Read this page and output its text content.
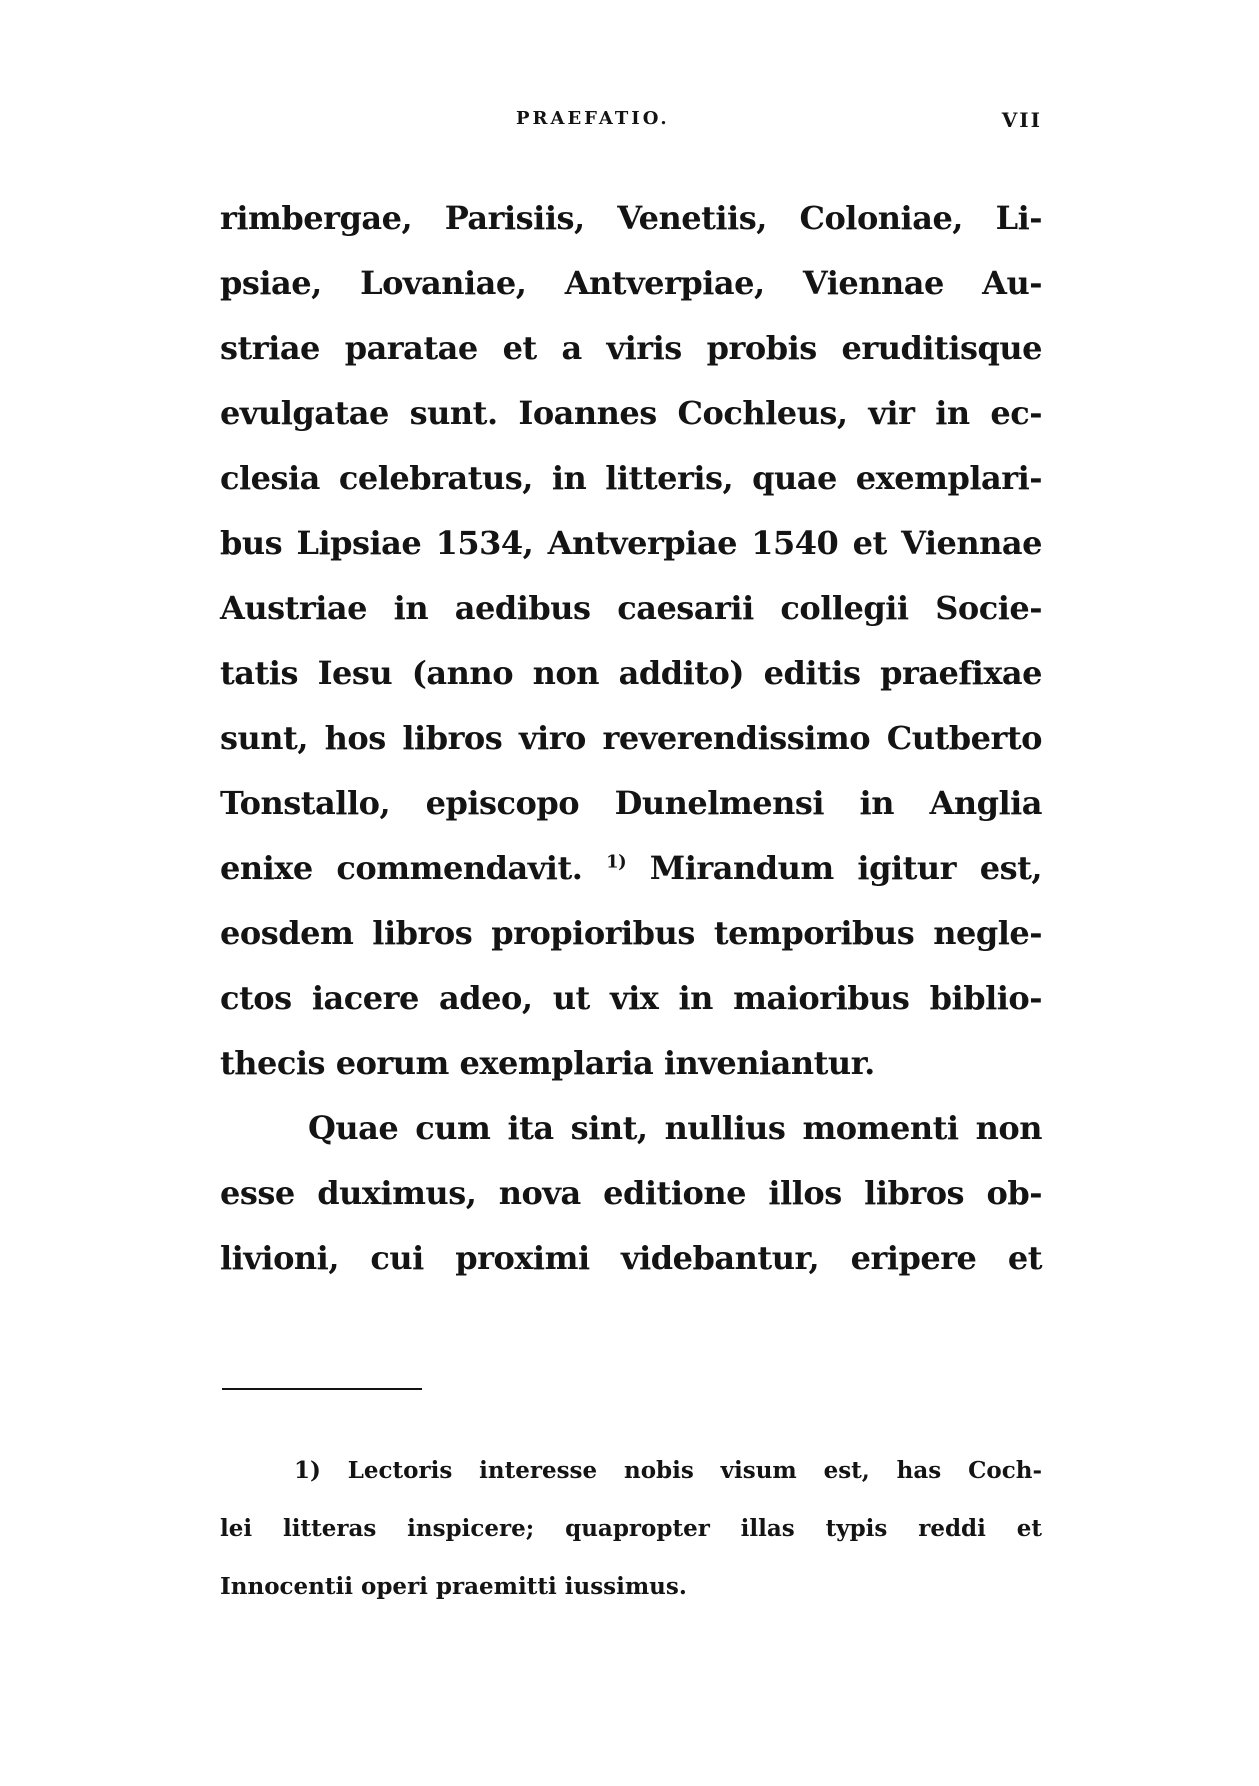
PRAEFATIO.	VII
rimbergae, Parisiis, Venetiis, Coloniae, Li-
psiae, Lovaniae, Antverpiae, Viennae Au-
striae paratae et a viris probis eruditisque
evulgatae sunt. Ioannes Cochleus, vir in ec-
clesia celebratus, in litteris, quae exemplari-
bus Lipsiae 1534, Antverpiae 1540 et Viennae
Austriae in aedibus caesarii collegii Socie-
tatis Iesu (anno non addito) editis praefixae
sunt, hos libros viro reverendissimo Cutberto
Tonstallo, episcopo Dunelmensi in Anglia
enixe commendavit. $^{1)}$ Mirandum igitur est,
eosdem libros propioribus temporibus negle-
ctos iacere adeo, ut vix in maioribus biblio-
thecis eorum exemplaria inveniantur.
Quae cum ita sint, nullius momenti non
esse duximus, nova editione illos libros ob-
livioni, cui proximi videbantur, eripere et
1) Lectoris interesse nobis visum est, has Coch-
lei litteras inspicere; quapropter illas typis reddi et
Innocentii operi praemitti iussimus.
